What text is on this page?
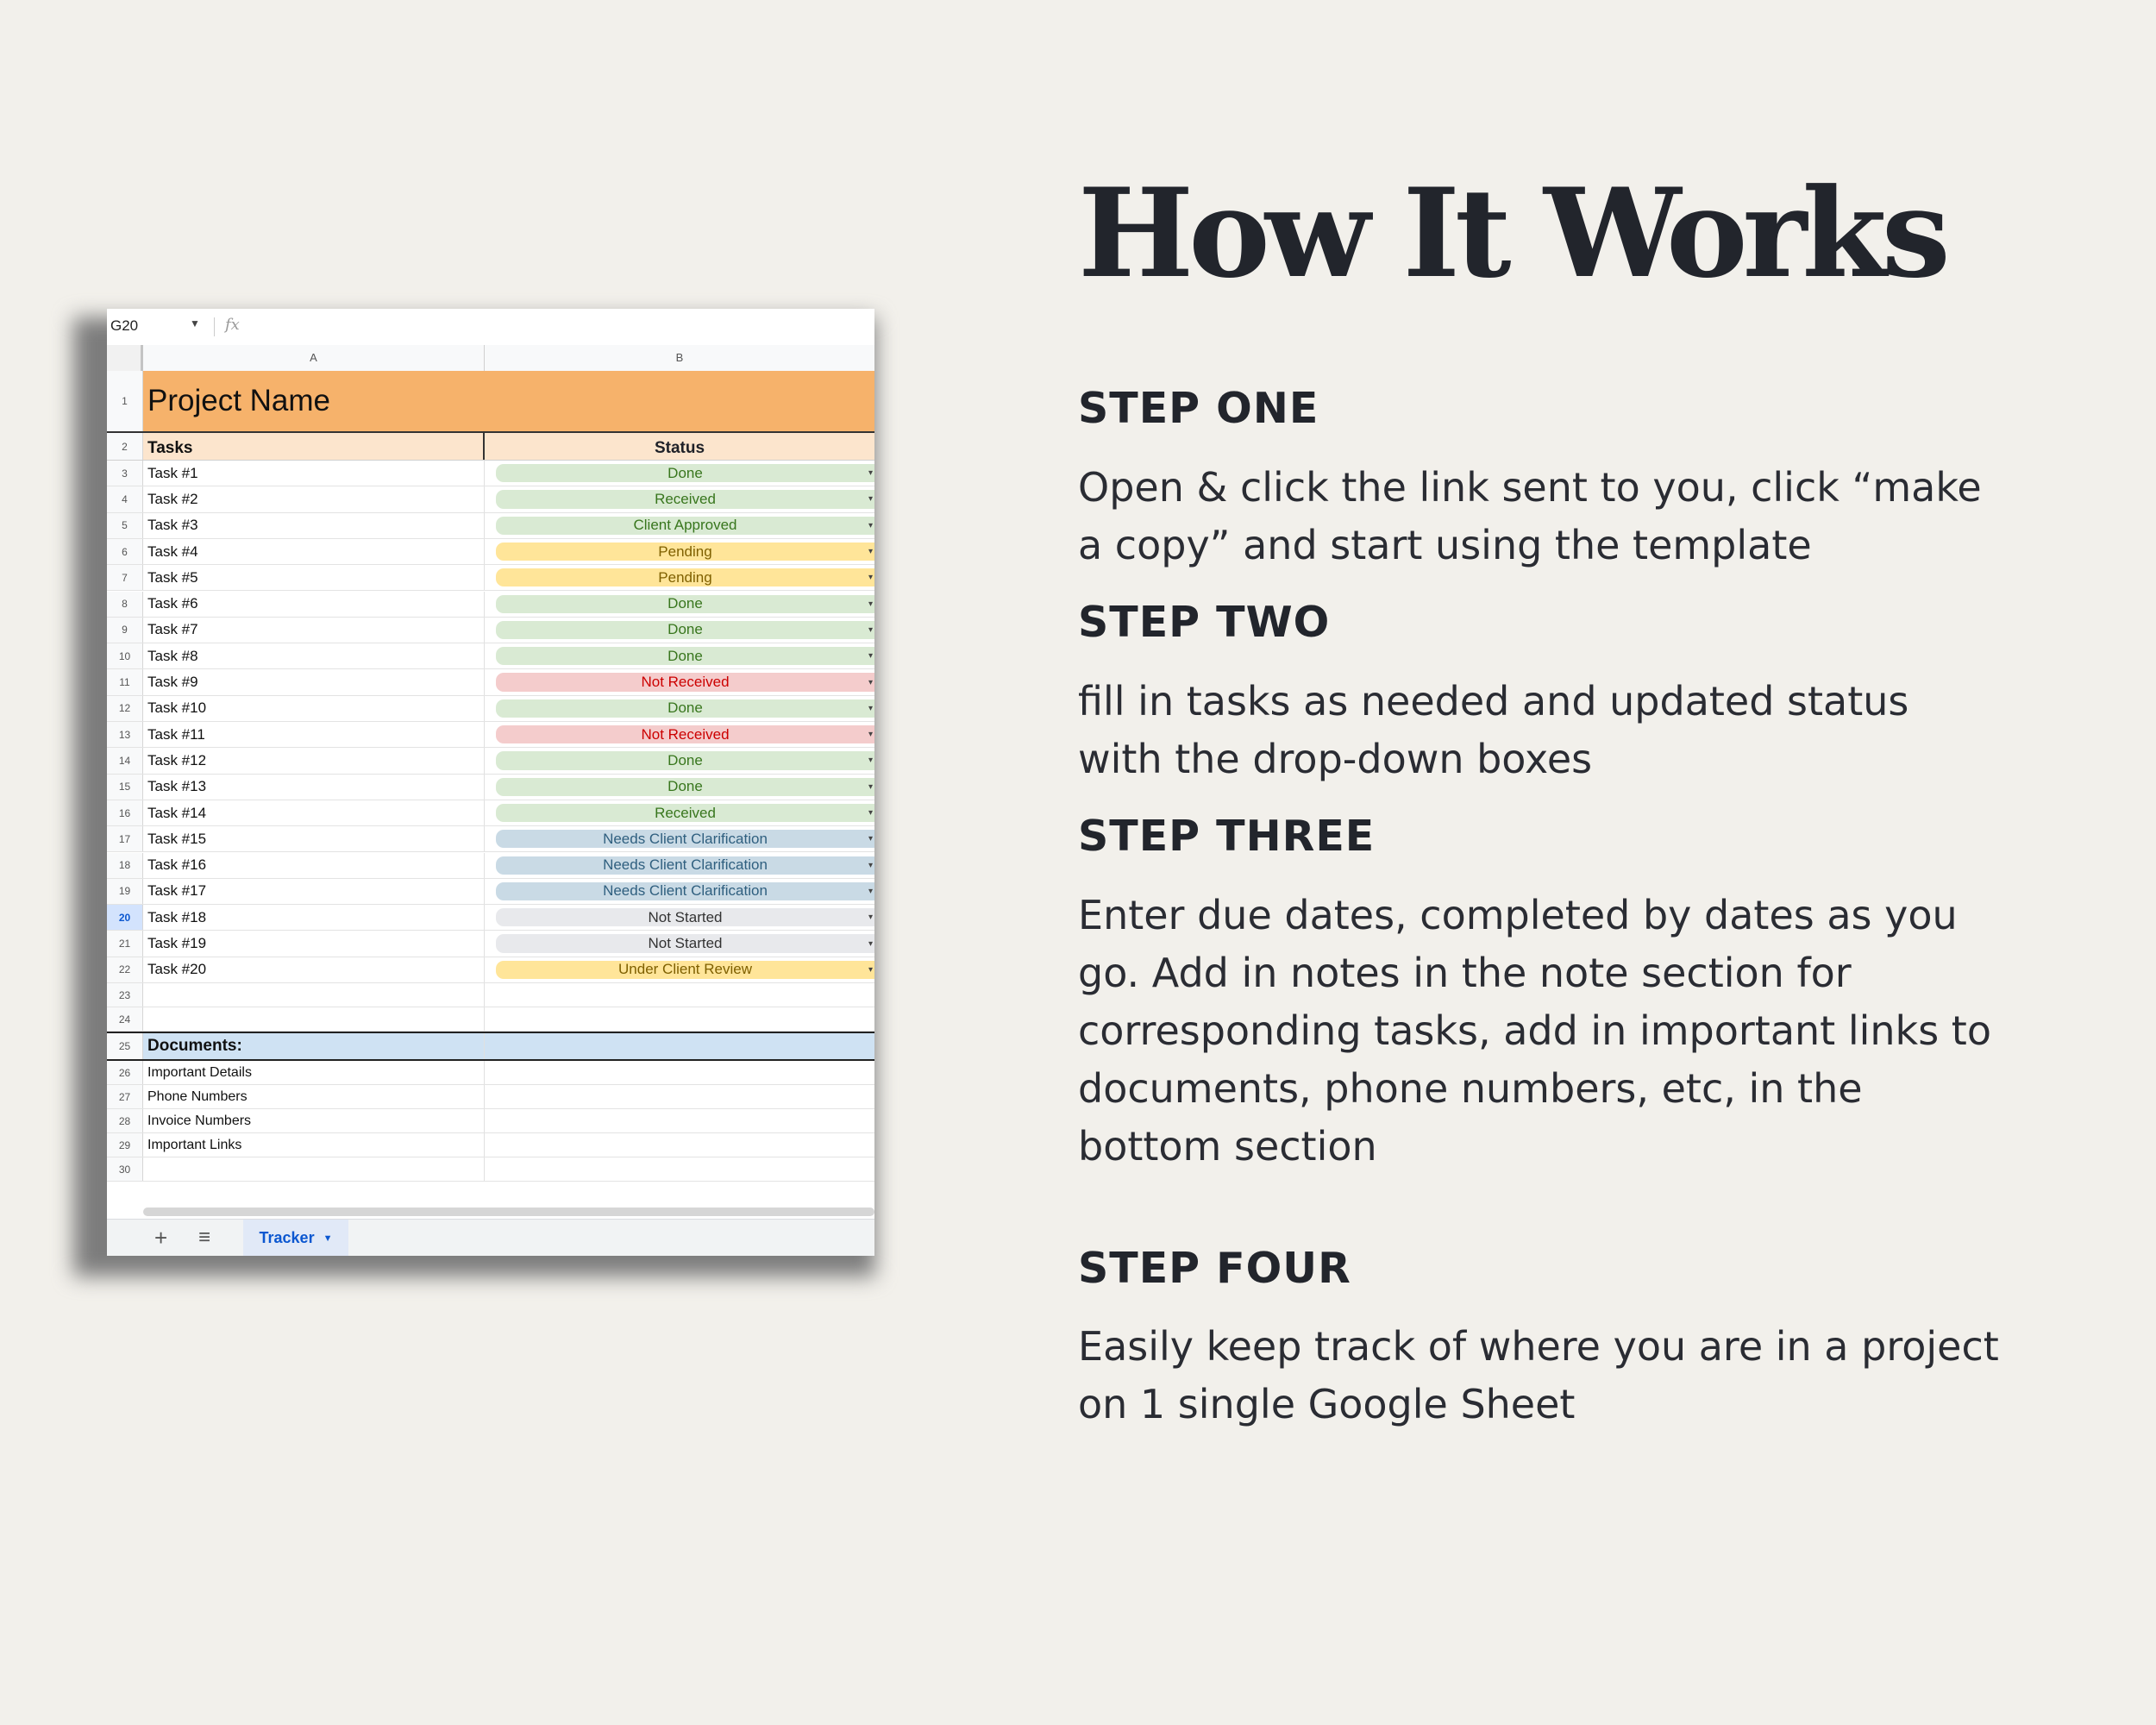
G20	▼ fx
A	B
1 Project Name
2	Tasks	Status
3	Task #1	Done	▾
4	Task #2	Received	▾
5	Task #3	Client Approved	▾
6	Task #4	Pending	▾
7	Task #5	Pending	▾
8	Task #6	Done	▾
9	Task #7	Done	▾
10	Task #8	Done	▾
11	Task #9	Not Received	▾
12	Task #10	Done	▾
13	Task #11	Not Received	▾
14	Task #12	Done	▾
15	Task #13	Done	▾
16	Task #14	Received	▾
17	Task #15	Needs Client Clarification	▾
18	Task #16	Needs Client Clarification	▾
19	Task #17	Needs Client Clarification	▾
20	Task #18	Not Started	▾
21	Task #19	Not Started	▾
22	Task #20	Under Client Review	▾
23
24
25	Documents:
26	Important Details
27	Phone Numbers
28	Invoice Numbers
29	Important Links
30
+ ≡	Tracker ▼
How It Works
STEP ONE

Open & click the link sent to you, click “make
a copy” and start using the template

STEP TWO

fill in tasks as needed and updated status
with the drop-down boxes

STEP THREE

Enter due dates, completed by dates as you
go. Add in notes in the note section for
corresponding tasks, add in important links to
documents, phone numbers, etc, in the
bottom section

STEP FOUR

Easily keep track of where you are in a project
on 1 single Google Sheet
